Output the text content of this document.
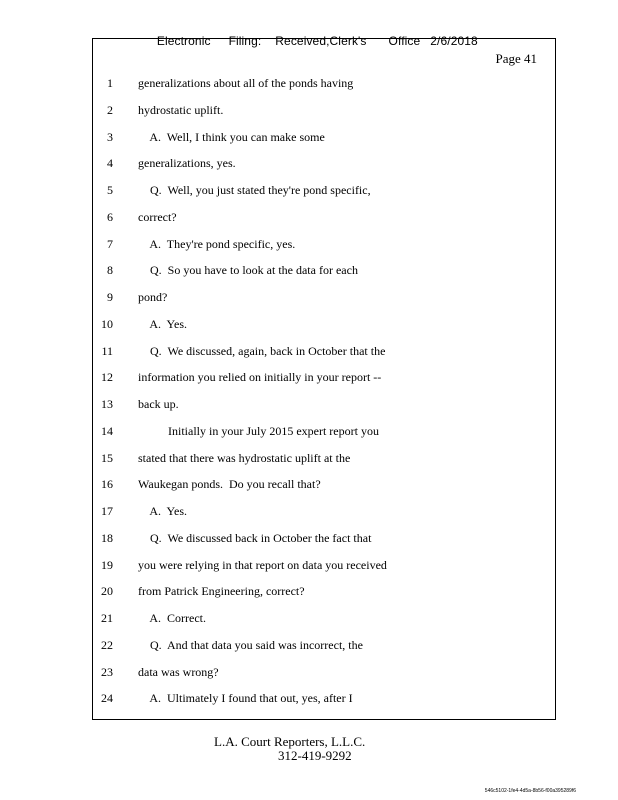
Electronic Filing: Received,Clerk's Office 2/6/2018

Page 41
1 generalizations about all of the ponds having
2 hydrostatic uplift.
3 A.  Well, I think you can make some
4 generalizations, yes.
5 Q.  Well, you just stated they're pond specific,
6 correct?
7 A.  They're pond specific, yes.
8 Q.  So you have to look at the data for each
9 pond?
10 A.  Yes.
11 Q.  We discussed, again, back in October that the
12 information you relied on initially in your report --
13 back up.
14 Initially in your July 2015 expert report you
15 stated that there was hydrostatic uplift at the
16 Waukegan ponds.  Do you recall that?
17 A.  Yes.
18 Q.  We discussed back in October the fact that
19 you were relying in that report on data you received
20 from Patrick Engineering, correct?
21 A.  Correct.
22 Q.  And that data you said was incorrect, the
23 data was wrong?
24 A.  Ultimately I found that out, yes, after I
L.A. Court Reporters, L.L.C.
312-419-9292
546c5102-1fe4-4d5a-8b56-f00a395289f6
